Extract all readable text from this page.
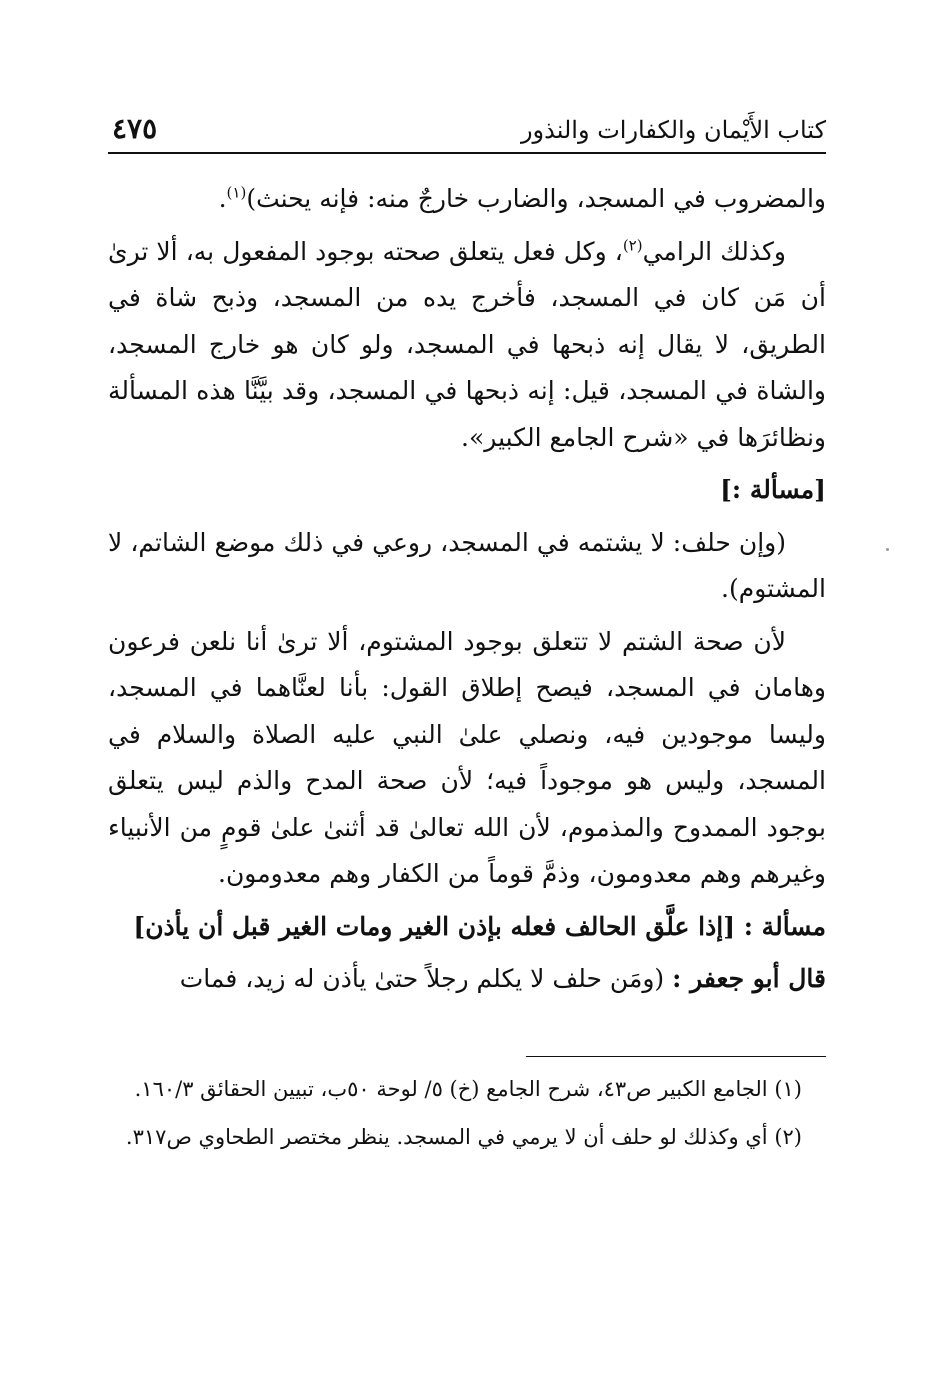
كتاب الأَيْمان والكفارات والنذور
٤٧٥

والمضروب في المسجد، والضارب خارجٌ منه: فإنه يحنث)$^{(١)}$.

وكذلك الرامي$^{(٢)}$، وكل فعل يتعلق صحته بوجود المفعول به، ألا ترىٰ أن مَن كان في المسجد، فأخرج يده من المسجد، وذبح شاة في الطريق، لا يقال إنه ذبحها في المسجد، ولو كان هو خارج المسجد، والشاة في المسجد، قيل: إنه ذبحها في المسجد، وقد بيَّنَّا هذه المسألة ونظائرَها في «شرح الجامع الكبير».

[مسألة :]

(وإن حلف: لا يشتمه في المسجد، روعي في ذلك موضع الشاتم، لا المشتوم).

لأن صحة الشتم لا تتعلق بوجود المشتوم، ألا ترىٰ أنا نلعن فرعون وهامان في المسجد، فيصح إطلاق القول: بأنا لعنَّاهما في المسجد، وليسا موجودين فيه، ونصلي علىٰ النبي عليه الصلاة والسلام في المسجد، وليس هو موجوداً فيه؛ لأن صحة المدح والذم ليس يتعلق بوجود الممدوح والمذموم، لأن الله تعالىٰ قد أثنىٰ علىٰ قومٍ من الأنبياء وغيرهم وهم معدومون، وذمَّ قوماً من الكفار وهم معدومون.

مسألة : [إذا علَّق الحالف فعله بإذن الغير ومات الغير قبل أن يأذن]

قال أبو جعفر : (ومَن حلف لا يكلم رجلاً حتىٰ يأذن له زيد، فمات

(١) الجامع الكبير ص٤٣، شرح الجامع (خ) ٥/ لوحة ٥٠ب، تبيين الحقائق ١٦٠/٣.

(٢) أي وكذلك لو حلف أن لا يرمي في المسجد. ينظر مختصر الطحاوي ص٣١٧.
